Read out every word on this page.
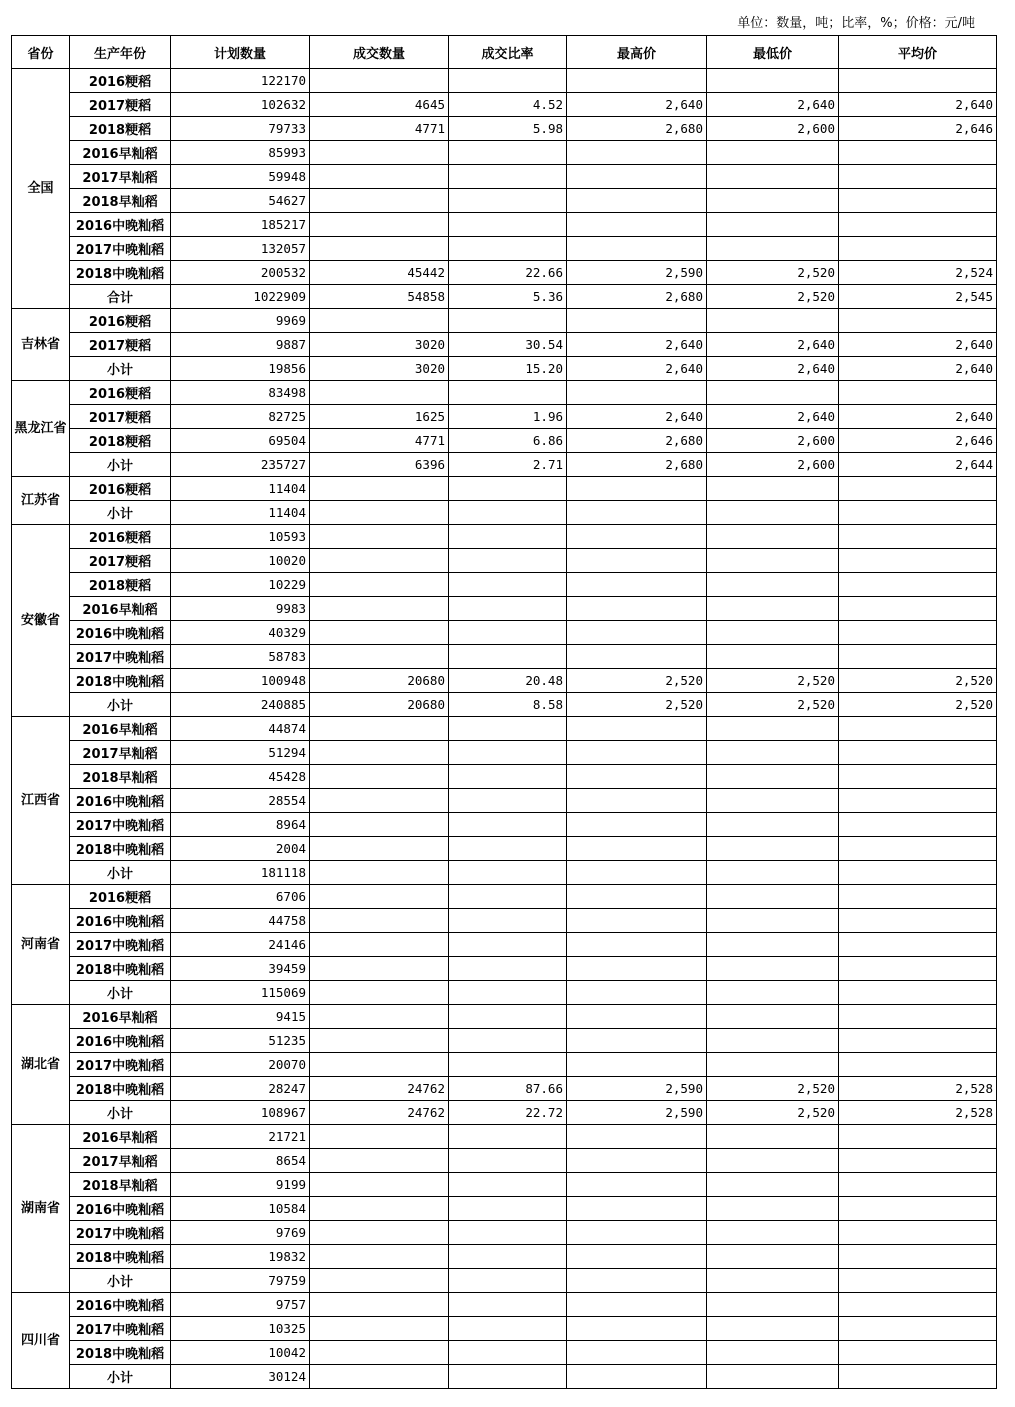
单位：数量，吨；比率，%；价格：元/吨
省份	生产年份	计划数量	成交数量	成交比率	最高价	最低价	平均价
全国	2016粳稻	122170					
	2017粳稻	102632	4645	4.52	2,640	2,640	2,640
	2018粳稻	79733	4771	5.98	2,680	2,600	2,646
	2016早籼稻	85993					
	2017早籼稻	59948					
	2018早籼稻	54627					
	2016中晚籼稻	185217					
	2017中晚籼稻	132057					
	2018中晚籼稻	200532	45442	22.66	2,590	2,520	2,524
	合计	1022909	54858	5.36	2,680	2,520	2,545
吉林省	2016粳稻	9969					
	2017粳稻	9887	3020	30.54	2,640	2,640	2,640
	小计	19856	3020	15.20	2,640	2,640	2,640
黑龙江省	2016粳稻	83498					
	2017粳稻	82725	1625	1.96	2,640	2,640	2,640
	2018粳稻	69504	4771	6.86	2,680	2,600	2,646
	小计	235727	6396	2.71	2,680	2,600	2,644
江苏省	2016粳稻	11404					
	小计	11404					
安徽省	2016粳稻	10593					
	2017粳稻	10020					
	2018粳稻	10229					
	2016早籼稻	9983					
	2016中晚籼稻	40329					
	2017中晚籼稻	58783					
	2018中晚籼稻	100948	20680	20.48	2,520	2,520	2,520
	小计	240885	20680	8.58	2,520	2,520	2,520
江西省	2016早籼稻	44874					
	2017早籼稻	51294					
	2018早籼稻	45428					
	2016中晚籼稻	28554					
	2017中晚籼稻	8964					
	2018中晚籼稻	2004					
	小计	181118					
河南省	2016粳稻	6706					
	2016中晚籼稻	44758					
	2017中晚籼稻	24146					
	2018中晚籼稻	39459					
	小计	115069					
湖北省	2016早籼稻	9415					
	2016中晚籼稻	51235					
	2017中晚籼稻	20070					
	2018中晚籼稻	28247	24762	87.66	2,590	2,520	2,528
	小计	108967	24762	22.72	2,590	2,520	2,528
湖南省	2016早籼稻	21721					
	2017早籼稻	8654					
	2018早籼稻	9199					
	2016中晚籼稻	10584					
	2017中晚籼稻	9769					
	2018中晚籼稻	19832					
	小计	79759					
四川省	2016中晚籼稻	9757					
	2017中晚籼稻	10325					
	2018中晚籼稻	10042					
	小计	30124					
